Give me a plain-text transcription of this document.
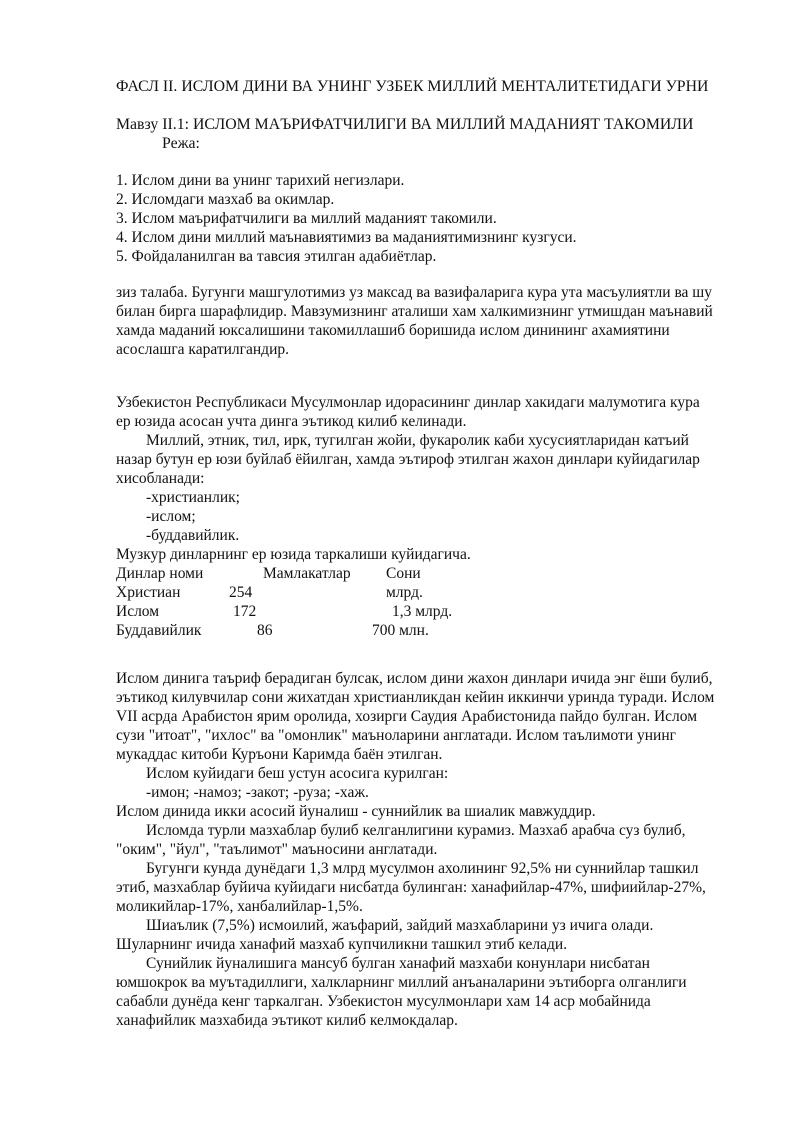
ФАСЛ II. ИСЛОМ ДИНИ ВА УНИНГ УЗБЕК МИЛЛИЙ МЕНТАЛИТЕТИДАГИ УРНИ
Мавзу II.1: ИСЛОМ МАЪРИФАТЧИЛИГИ ВА МИЛЛИЙ МАДАНИЯТ ТАКОМИЛИ
Режа:
1. Ислом дини ва унинг тарихий негизлари.
2. Исломдаги мазхаб ва окимлар.
3. Ислом маърифатчилиги ва миллий маданият такомили.
4. Ислом дини миллий маънавиятимиз ва маданиятимизнинг кузгуси.
5. Фойдаланилган ва тавсия этилган адабиётлар.
зиз талаба. Бугунги машгулотимиз уз максад ва вазифаларига кура ута масъулиятли ва шу
билан бирга шарафлидир. Мавзумизнинг аталиши хам халкимизнинг утмишдан маънавий
хамда маданий юксалишини такомиллашиб боришида ислом динининг ахамиятини
асослашга каратилгандир.
Узбекистон Республикаси Мусулмонлар идорасининг динлар хакидаги малумотига кура
ер юзида асосан учта динга эътикод килиб келинади.
Миллий, этник, тил, ирк, тугилган жойи, фукаролик каби хусусиятларидан катъий
назар бутун ер юзи буйлаб ёйилган, хамда эътироф этилган жахон динлари куйидагилар
хисобланади:
-христианлик;
-ислом;
-буддавийлик.
Музкур динларнинг ер юзида таркалиши куйидагича.
Динлар номи	Мамлакатлар Сони
Христиан	254	млрд.
Ислом	172	1,3 млрд.
Буддавийлик	86	700 млн.
Ислом динига таъриф берадиган булсак, ислом дини жахон динлари ичида энг ёши булиб,
эътикод килувчилар сони жихатдан христианликдан кейин иккинчи уринда туради. Ислом
VII асрда Арабистон ярим оролида, хозирги Саудия Арабистонида пайдо булган. Ислом
сузи "итоат", "ихлос" ва "омонлик" маъноларини англатади. Ислом таълимоти унинг
мукаддас китоби Куръони Каримда баён этилган.
Ислом куйидаги беш устун асосига курилган:
-имон; -намоз; -закот; -руза; -хаж.
Ислом динида икки асосий йуналиш - суннийлик ва шиалик мавжуддир.
Исломда турли мазхаблар булиб келганлигини курамиз. Мазхаб арабча суз булиб,
"оким", "йул", "таълимот" маъносини англатади.
Бугунги кунда дунёдаги 1,3 млрд мусулмон ахолининг 92,5% ни суннийлар ташкил
этиб, мазхаблар буйича куйидаги нисбатда булинган: ханафийлар-47%, шифиийлар-27%,
моликийлар-17%, ханбалийлар-1,5%.
Шиаълик (7,5%) исмоилий, жаъфарий, зайдий мазхабларини уз ичига олади.
Шуларнинг ичида ханафий мазхаб купчиликни ташкил этиб келади.
Сунийлик йуналишига мансуб булган ханафий мазхаби конунлари нисбатан
юмшокрок ва муътадиллиги, халкларнинг миллий анъаналарини эътиборга олганлиги
сабабли дунёда кенг таркалган. Узбекистон мусулмонлари хам 14 аср мобайнида
ханафийлик мазхабида эътикот килиб келмокдалар.
